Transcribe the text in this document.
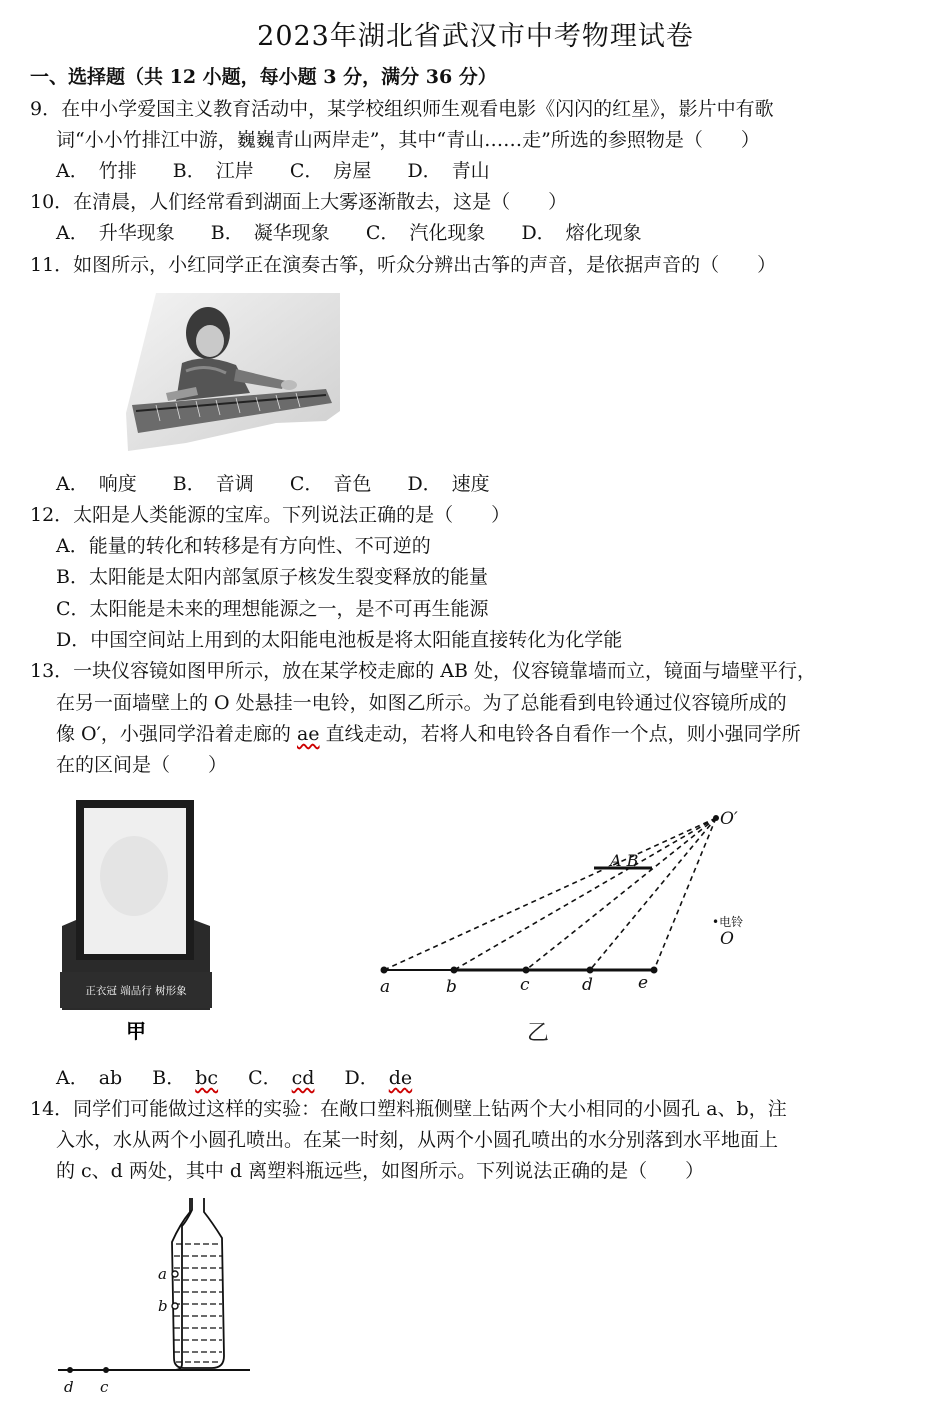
2023年湖北省武汉市中考物理试卷
一、选择题（共 12 小题，每小题 3 分，满分 36 分）
9．在中小学爱国主义教育活动中，某学校组织师生观看电影《闪闪的红星》，影片中有歌
词“小小竹排江中游，巍巍青山两岸走”，其中“青山……走”所选的参照物是（　　）
A． 竹排 B． 江岸 C． 房屋 D． 青山
10．在清晨，人们经常看到湖面上大雾逐渐散去，这是（　　）
A． 升华现象 B． 凝华现象 C． 汽化现象 D． 熔化现象
11．如图所示，小红同学正在演奏古筝，听众分辨出古筝的声音，是依据声音的（　　）
A． 响度 B． 音调 C． 音色 D． 速度
12．太阳是人类能源的宝库。下列说法正确的是（　　）
A．能量的转化和转移是有方向性、不可逆的
B．太阳能是太阳内部氢原子核发生裂变释放的能量
C．太阳能是未来的理想能源之一，是不可再生能源
D．中国空间站上用到的太阳能电池板是将太阳能直接转化为化学能
13．一块仪容镜如图甲所示，放在某学校走廊的 AB 处，仪容镜靠墙而立，镜面与墙壁平行，
在另一面墙壁上的 O 处悬挂一电铃，如图乙所示。为了总能看到电铃通过仪容镜所成的
像 O′，小强同学沿着走廊的 ae 直线走动，若将人和电铃各自看作一个点，则小强同学所
在的区间是（　　）
正衣冠 端品行 树形象
甲
O′
A B
•电铃
O
a	b	c	d	e
乙
A． ab B． bc C． cd D． de
14．同学们可能做过这样的实验：在敞口塑料瓶侧壁上钻两个大小相同的小圆孔 a、b，注
入水，水从两个小圆孔喷出。在某一时刻，从两个小圆孔喷出的水分别落到水平地面上
的 c、d 两处，其中 d 离塑料瓶远些，如图所示。下列说法正确的是（　　）
a
b
d c
